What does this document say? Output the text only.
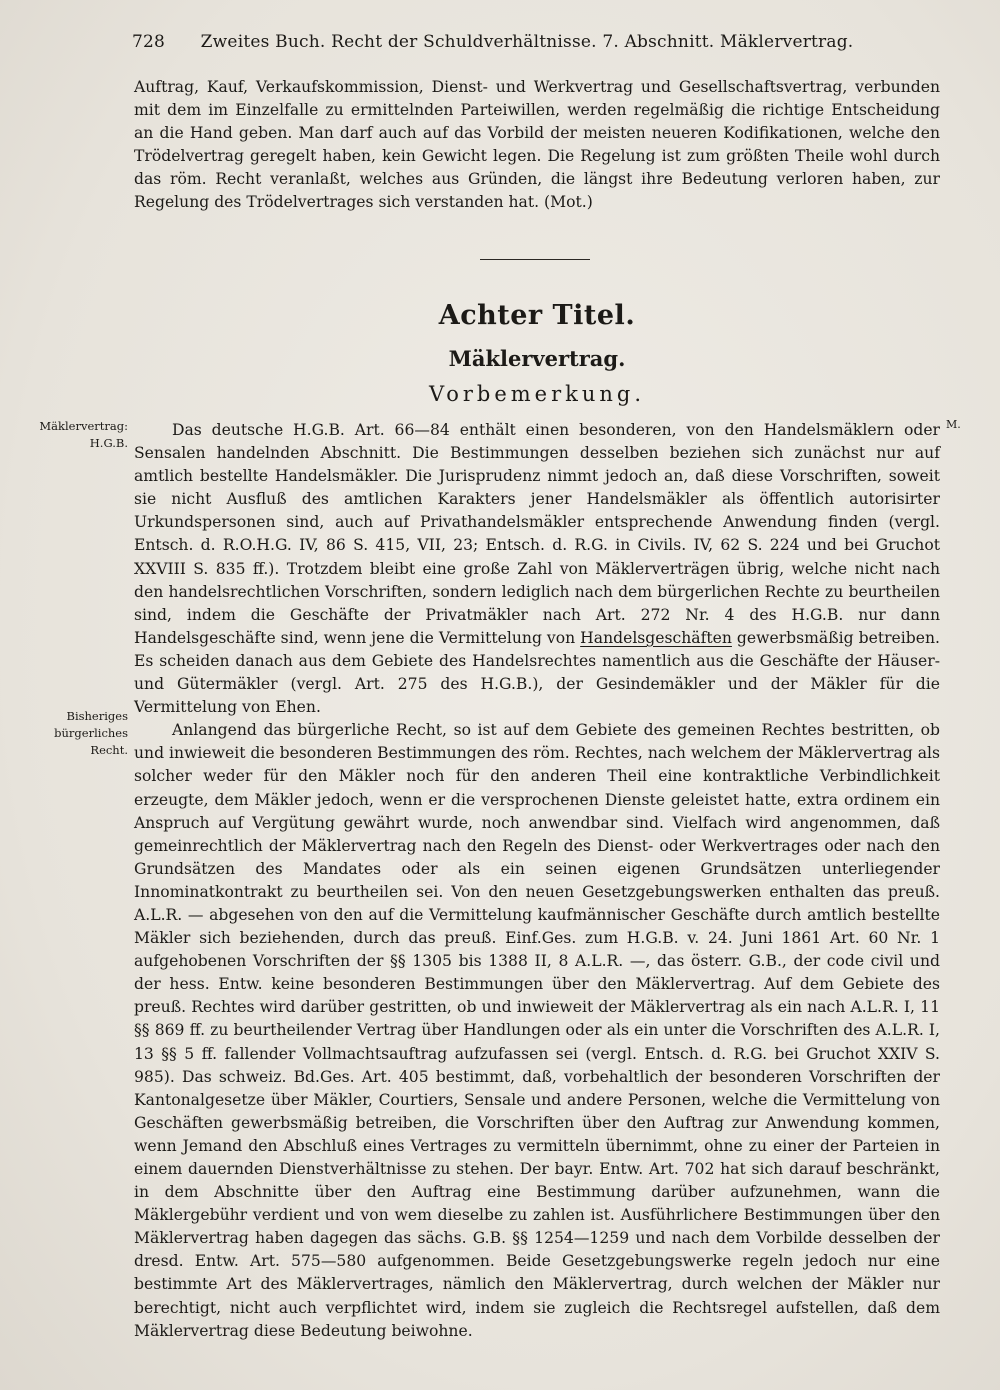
728 Zweites Buch. Recht der Schuldverhältnisse. 7. Abschnitt. Mäklervertrag.

Auftrag, Kauf, Verkaufskommission, Dienst- und Werkvertrag und Gesellschaftsvertrag, verbunden mit dem im Einzelfalle zu ermittelnden Parteiwillen, werden regelmäßig die richtige Entscheidung an die Hand geben. Man darf auch auf das Vorbild der meisten neueren Kodifikationen, welche den Trödelvertrag geregelt haben, kein Gewicht legen. Die Regelung ist zum größten Theile wohl durch das röm. Recht veranlaßt, welches aus Gründen, die längst ihre Bedeutung verloren haben, zur Regelung des Trödelvertrages sich verstanden hat. (Mot.)

Achter Titel.
Mäklervertrag.
Vorbemerkung.
Mäklervertrag: H.G.B.
Bisheriges bürgerliches Recht.
M.

Das deutsche H.G.B. Art. 66—84 enthält einen besonderen, von den Handelsmäklern oder Sensalen handelnden Abschnitt. Die Bestimmungen desselben beziehen sich zunächst nur auf amtlich bestellte Handelsmäkler. Die Jurisprudenz nimmt jedoch an, daß diese Vorschriften, soweit sie nicht Ausfluß des amtlichen Karakters jener Handelsmäkler als öffentlich autorisirter Urkundspersonen sind, auch auf Privathandelsmäkler entsprechende Anwendung finden (vergl. Entsch. d. R.O.H.G. IV, 86 S. 415, VII, 23; Entsch. d. R.G. in Civils. IV, 62 S. 224 und bei Gruchot XXVIII S. 835 ff.). Trotzdem bleibt eine große Zahl von Mäklerverträgen übrig, welche nicht nach den handelsrechtlichen Vorschriften, sondern lediglich nach dem bürgerlichen Rechte zu beurtheilen sind, indem die Geschäfte der Privatmäkler nach Art. 272 Nr. 4 des H.G.B. nur dann Handelsgeschäfte sind, wenn jene die Vermittelung von Handelsgeschäften gewerbsmäßig betreiben. Es scheiden danach aus dem Gebiete des Handelsrechtes namentlich aus die Geschäfte der Häuser- und Gütermäkler (vergl. Art. 275 des H.G.B.), der Gesindemäkler und der Mäkler für die Vermittelung von Ehen.

Anlangend das bürgerliche Recht, so ist auf dem Gebiete des gemeinen Rechtes bestritten, ob und inwieweit die besonderen Bestimmungen des röm. Rechtes, nach welchem der Mäklervertrag als solcher weder für den Mäkler noch für den anderen Theil eine kontraktliche Verbindlichkeit erzeugte, dem Mäkler jedoch, wenn er die versprochenen Dienste geleistet hatte, extra ordinem ein Anspruch auf Vergütung gewährt wurde, noch anwendbar sind. Vielfach wird angenommen, daß gemeinrechtlich der Mäklervertrag nach den Regeln des Dienst- oder Werkvertrages oder nach den Grundsätzen des Mandates oder als ein seinen eigenen Grundsätzen unterliegender Innominatkontrakt zu beurtheilen sei. Von den neuen Gesetzgebungswerken enthalten das preuß. A.L.R. — abgesehen von den auf die Vermittelung kaufmännischer Geschäfte durch amtlich bestellte Mäkler sich beziehenden, durch das preuß. Einf.Ges. zum H.G.B. v. 24. Juni 1861 Art. 60 Nr. 1 aufgehobenen Vorschriften der §§ 1305 bis 1388 II, 8 A.L.R. —, das österr. G.B., der code civil und der hess. Entw. keine besonderen Bestimmungen über den Mäklervertrag. Auf dem Gebiete des preuß. Rechtes wird darüber gestritten, ob und inwieweit der Mäklervertrag als ein nach A.L.R. I, 11 §§ 869 ff. zu beurtheilender Vertrag über Handlungen oder als ein unter die Vorschriften des A.L.R. I, 13 §§ 5 ff. fallender Vollmachtsauftrag aufzufassen sei (vergl. Entsch. d. R.G. bei Gruchot XXIV S. 985). Das schweiz. Bd.Ges. Art. 405 bestimmt, daß, vorbehaltlich der besonderen Vorschriften der Kantonalgesetze über Mäkler, Courtiers, Sensale und andere Personen, welche die Vermittelung von Geschäften gewerbsmäßig betreiben, die Vorschriften über den Auftrag zur Anwendung kommen, wenn Jemand den Abschluß eines Vertrages zu vermitteln übernimmt, ohne zu einer der Parteien in einem dauernden Dienstverhältnisse zu stehen. Der bayr. Entw. Art. 702 hat sich darauf beschränkt, in dem Abschnitte über den Auftrag eine Bestimmung darüber aufzunehmen, wann die Mäklergebühr verdient und von wem dieselbe zu zahlen ist. Ausführlichere Bestimmungen über den Mäklervertrag haben dagegen das sächs. G.B. §§ 1254—1259 und nach dem Vorbilde desselben der dresd. Entw. Art. 575—580 aufgenommen. Beide Gesetzgebungswerke regeln jedoch nur eine bestimmte Art des Mäklervertrages, nämlich den Mäklervertrag, durch welchen der Mäkler nur berechtigt, nicht auch verpflichtet wird, indem sie zugleich die Rechtsregel aufstellen, daß dem Mäklervertrag diese Bedeutung beiwohne.
